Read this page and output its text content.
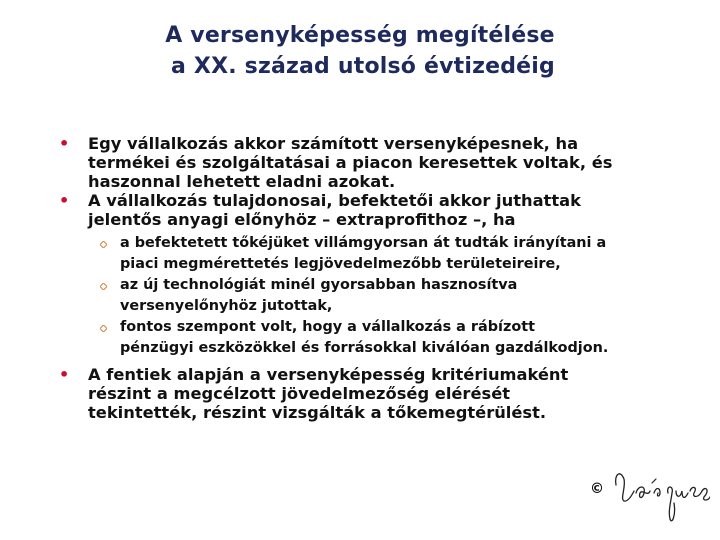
A versenyképesség megítélése
a XX. század utolsó évtizedéig
• Egy vállalkozás akkor számított versenyképesnek, ha
termékei és szolgáltatásai a piacon keresettek voltak, és
haszonnal lehetett eladni azokat.
• A vállalkozás tulajdonosai, befektetői akkor juthattak
jelentős anyagi előnyhöz – extraprofithoz –, ha
a befektetett tőkéjüket villámgyorsan át tudták irányítani a
piaci megmérettetés legjövedelmezőbb területeireire,
az új technológiát minél gyorsabban hasznosítva
versenyelőnyhöz jutottak,
fontos szempont volt, hogy a vállalkozás a rábízott
pénzügyi eszközökkel és forrásokkal kiválóan gazdálkodjon.
• A fentiek alapján a versenyképesség kritériumaként
részint a megcélzott jövedelmezőség elérését
tekintették, részint vizsgálták a tőkemegtérülést.
©
